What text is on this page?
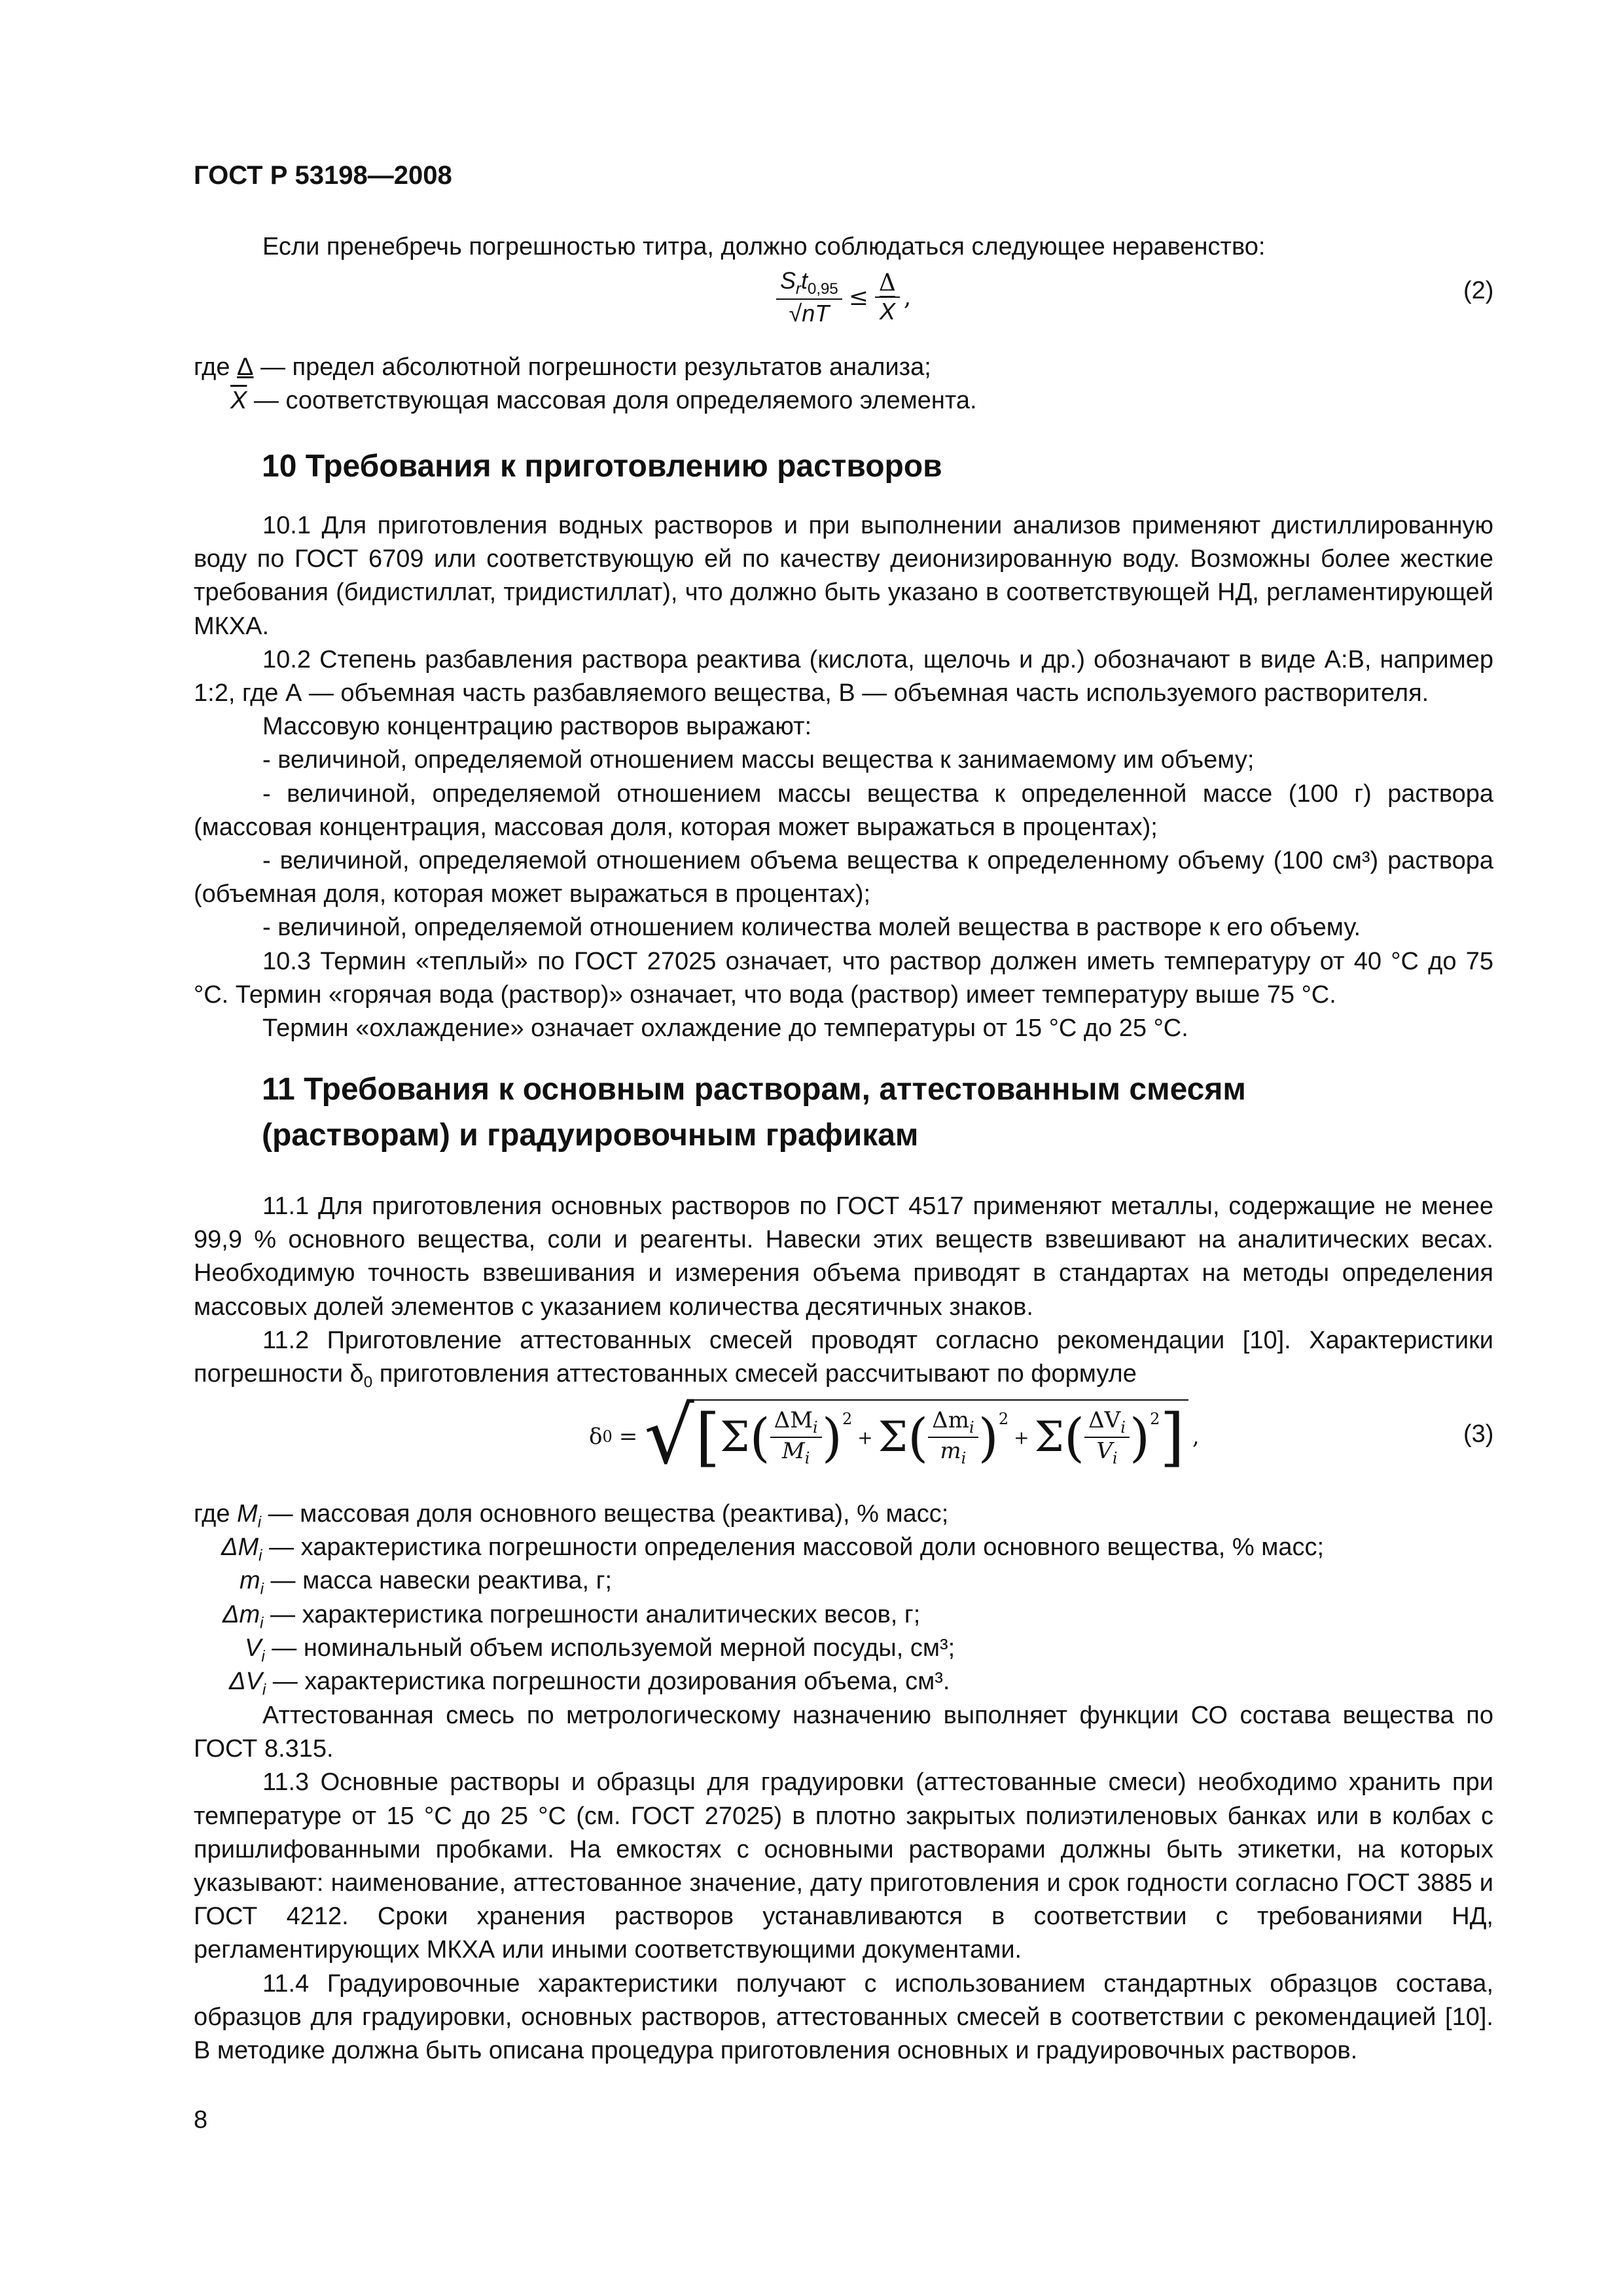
ГОСТ Р 53198—2008

Если пренебречь погрешностью титра, должно соблюдаться следующее неравенство:

$\frac{S_rt_{0,95}}{√nT} \le \frac{\Delta}{X}$ ,	(2)
где Δ — предел абсолютной погрешности результатов анализа;
$\overline{X}$ — соответствующая массовая доля определяемого элемента.
10 Требования к приготовлению растворов

10.1 Для приготовления водных растворов и при выполнении анализов применяют дистиллированную воду по ГОСТ 6709 или соответствующую ей по качеству деионизированную воду. Возможны более жесткие требования (бидистиллат, тридистиллат), что должно быть указано в соответствующей НД, регламентирующей МКХА.

10.2 Степень разбавления раствора реактива (кислота, щелочь и др.) обозначают в виде А:В, например 1:2, где А — объемная часть разбавляемого вещества, В — объемная часть используемого растворителя.

Массовую концентрацию растворов выражают:

- величиной, определяемой отношением массы вещества к занимаемому им объему;

- величиной, определяемой отношением массы вещества к определенной массе (100 г) раствора (массовая концентрация, массовая доля, которая может выражаться в процентах);

- величиной, определяемой отношением объема вещества к определенному объему (100 см³) раствора (объемная доля, которая может выражаться в процентах);

- величиной, определяемой отношением количества молей вещества в растворе к его объему.

10.3 Термин «теплый» по ГОСТ 27025 означает, что раствор должен иметь температуру от 40 °С до 75 °С. Термин «горячая вода (раствор)» означает, что вода (раствор) имеет температуру выше 75 °С.

Термин «охлаждение» означает охлаждение до температуры от 15 °С до 25 °С.

11 Требования к основным растворам, аттестованным смесям
(растворам) и градуировочным графикам

11.1 Для приготовления основных растворов по ГОСТ 4517 применяют металлы, содержащие не менее 99,9 % основного вещества, соли и реагенты. Навески этих веществ взвешивают на аналитических весах. Необходимую точность взвешивания и измерения объема приводят в стандартах на методы определения массовых долей элементов с указанием количества десятичных знаков.

11.2 Приготовление аттестованных смесей проводят согласно рекомендации [10]. Характеристики погрешности $\delta_0$ приготовления аттестованных смесей рассчитывают по формуле

δ 0 = √ [ Σ ( $\frac{\Delta M_i}{M_i} )^2$
+ Σ ( $\frac{\Delta m_i}{m_i} )^2$
+ Σ ( $\frac{\Delta V_i}{V_i} )^2$ ] ,	(3)
где $M_i$ — массовая доля основного вещества (реактива), % масс;
$\Delta M_i$ — характеристика погрешности определения массовой доли основного вещества, % масс;
$m_i$ — масса навески реактива, г;
$\Delta m_i$ — характеристика погрешности аналитических весов, г;
$V_i$ — номинальный объем используемой мерной посуды, см³;
$\Delta V_i$ — характеристика погрешности дозирования объема, см³.

Аттестованная смесь по метрологическому назначению выполняет функции СО состава вещества по ГОСТ 8.315.

11.3 Основные растворы и образцы для градуировки (аттестованные смеси) необходимо хранить при температуре от 15 °С до 25 °С (см. ГОСТ 27025) в плотно закрытых полиэтиленовых банках или в колбах с пришлифованными пробками. На емкостях с основными растворами должны быть этикетки, на которых указывают: наименование, аттестованное значение, дату приготовления и срок годности согласно ГОСТ 3885 и ГОСТ 4212. Сроки хранения растворов устанавливаются в соответствии с требованиями НД, регламентирующих МКХА или иными соответствующими документами.

11.4 Градуировочные характеристики получают с использованием стандартных образцов состава, образцов для градуировки, основных растворов, аттестованных смесей в соответствии с рекомендацией [10]. В методике должна быть описана процедура приготовления основных и градуировочных растворов.

8
